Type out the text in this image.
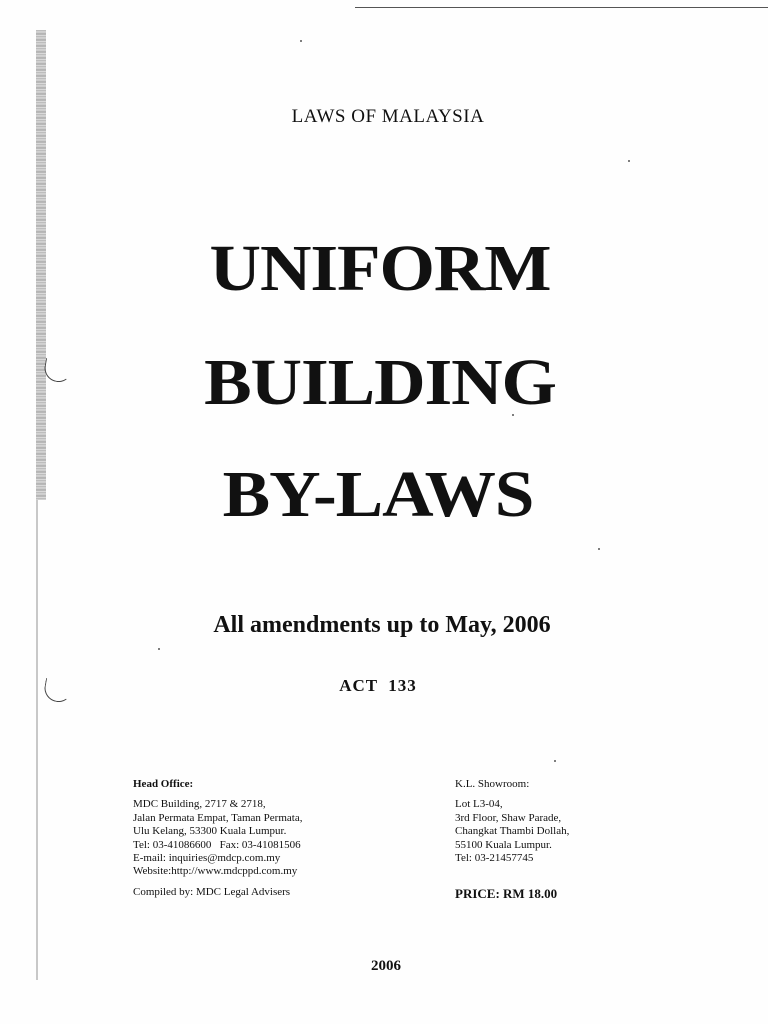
LAWS OF MALAYSIA
UNIFORM
BUILDING
BY-LAWS
All amendments up to May, 2006
ACT  133
Head Office:
MDC Building, 2717 & 2718,
Jalan Permata Empat, Taman Permata,
Ulu Kelang, 53300 Kuala Lumpur.
Tel: 03-41086600   Fax: 03-41081506
E-mail: inquiries@mdcp.com.my
Website:http://www.mdcppd.com.my
K.L. Showroom:
Lot L3-04,
3rd Floor, Shaw Parade,
Changkat Thambi Dollah,
55100 Kuala Lumpur.
Tel: 03-21457745
Compiled by: MDC Legal Advisers	PRICE: RM 18.00
2006
